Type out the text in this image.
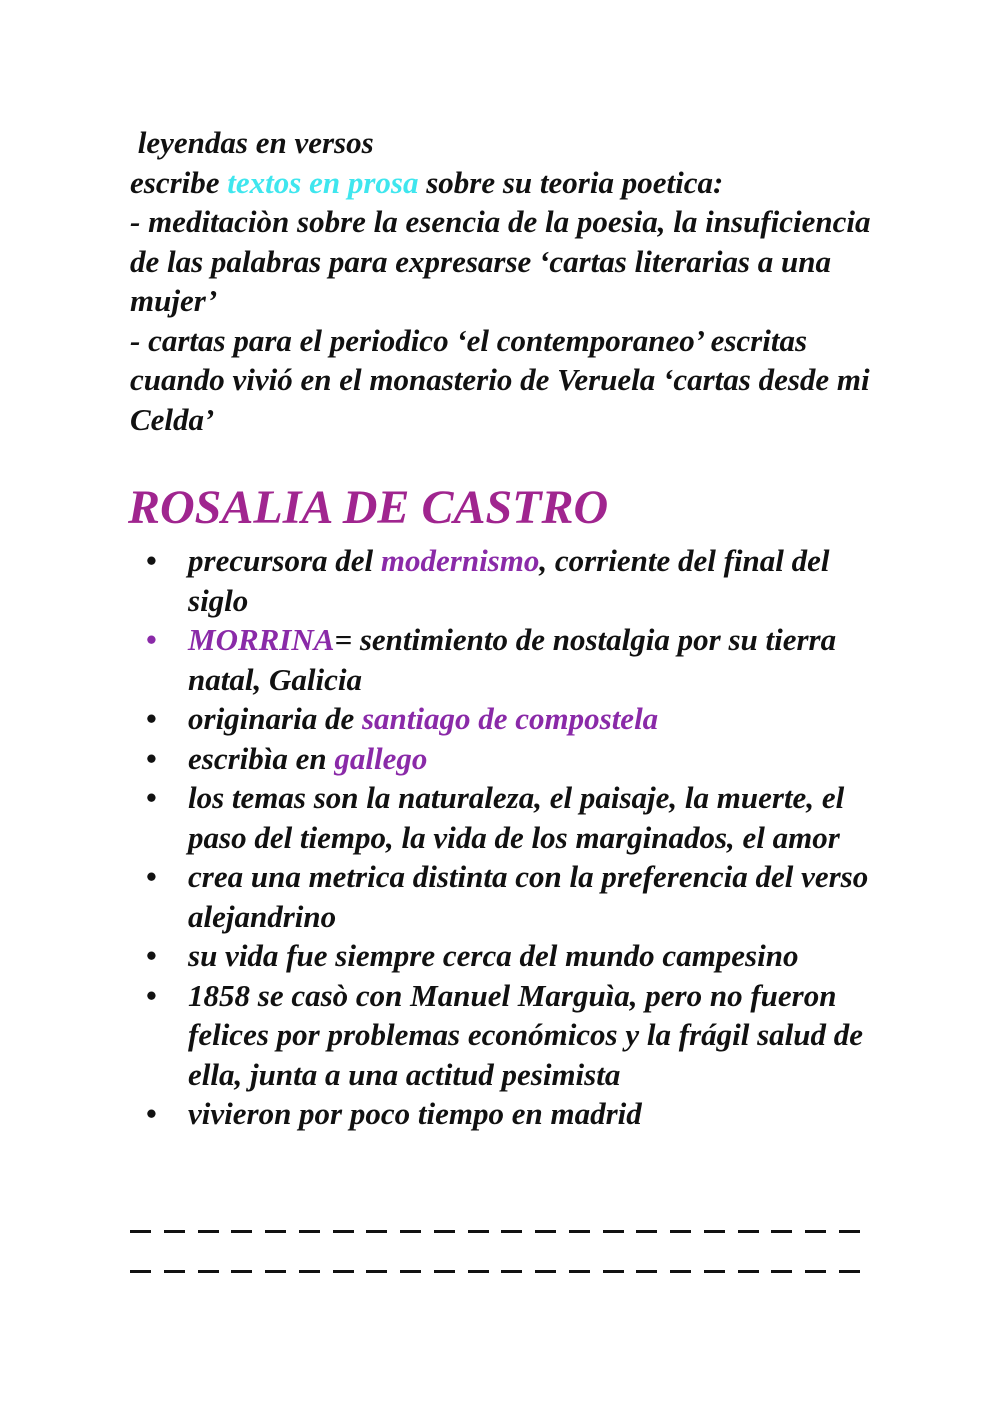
leyendas en versos

escribe textos en prosa sobre su teoria poetica:

- meditaciòn sobre la esencia de la poesia, la insuficiencia de las palabras para expresarse ‘cartas literarias a una mujer’

- cartas para el periodico ‘el contemporaneo’ escritas cuando vivió en el monasterio de Veruela ‘cartas desde mi Celda’

ROSALIA DE CASTRO
• precursora del modernismo, corriente del final del siglo
• MORRINA= sentimiento de nostalgia por su tierra natal, Galicia
• originaria de santiago de compostela
• escribìa en gallego
• los temas son la naturaleza, el paisaje, la muerte, el paso del tiempo, la vida de los marginados, el amor
• crea una metrica distinta con la preferencia del verso alejandrino
• su vida fue siempre cerca del mundo campesino
• 1858 se casò con Manuel Marguìa, pero no fueron felices por problemas económicos y la frágil salud de ella, junta a una actitud pesimista
• vivieron por poco tiempo en madrid
